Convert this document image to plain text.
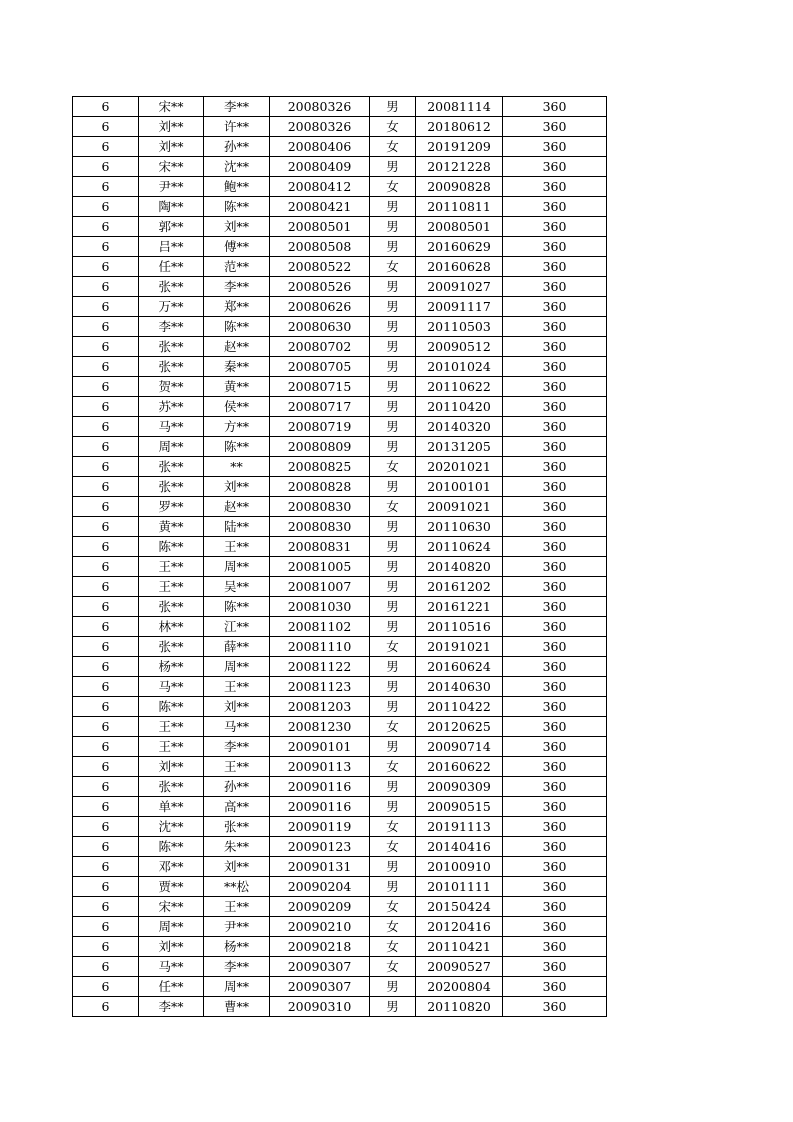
6	宋**	李**	20080326	男	20081114	360
6	刘**	许**	20080326	女	20180612	360
6	刘**	孙**	20080406	女	20191209	360
6	宋**	沈**	20080409	男	20121228	360
6	尹**	鲍**	20080412	女	20090828	360
6	陶**	陈**	20080421	男	20110811	360
6	郭**	刘**	20080501	男	20080501	360
6	吕**	傅**	20080508	男	20160629	360
6	任**	范**	20080522	女	20160628	360
6	张**	李**	20080526	男	20091027	360
6	万**	郑**	20080626	男	20091117	360
6	李**	陈**	20080630	男	20110503	360
6	张**	赵**	20080702	男	20090512	360
6	张**	秦**	20080705	男	20101024	360
6	贺**	黄**	20080715	男	20110622	360
6	苏**	侯**	20080717	男	20110420	360
6	马**	方**	20080719	男	20140320	360
6	周**	陈**	20080809	男	20131205	360
6	张**	**	20080825	女	20201021	360
6	张**	刘**	20080828	男	20100101	360
6	罗**	赵**	20080830	女	20091021	360
6	黄**	陆**	20080830	男	20110630	360
6	陈**	王**	20080831	男	20110624	360
6	王**	周**	20081005	男	20140820	360
6	王**	吴**	20081007	男	20161202	360
6	张**	陈**	20081030	男	20161221	360
6	林**	江**	20081102	男	20110516	360
6	张**	薛**	20081110	女	20191021	360
6	杨**	周**	20081122	男	20160624	360
6	马**	王**	20081123	男	20140630	360
6	陈**	刘**	20081203	男	20110422	360
6	王**	马**	20081230	女	20120625	360
6	王**	李**	20090101	男	20090714	360
6	刘**	王**	20090113	女	20160622	360
6	张**	孙**	20090116	男	20090309	360
6	单**	高**	20090116	男	20090515	360
6	沈**	张**	20090119	女	20191113	360
6	陈**	朱**	20090123	女	20140416	360
6	邓**	刘**	20090131	男	20100910	360
6	贾**	**松	20090204	男	20101111	360
6	宋**	王**	20090209	女	20150424	360
6	周**	尹**	20090210	女	20120416	360
6	刘**	杨**	20090218	女	20110421	360
6	马**	李**	20090307	女	20090527	360
6	任**	周**	20090307	男	20200804	360
6	李**	曹**	20090310	男	20110820	360
